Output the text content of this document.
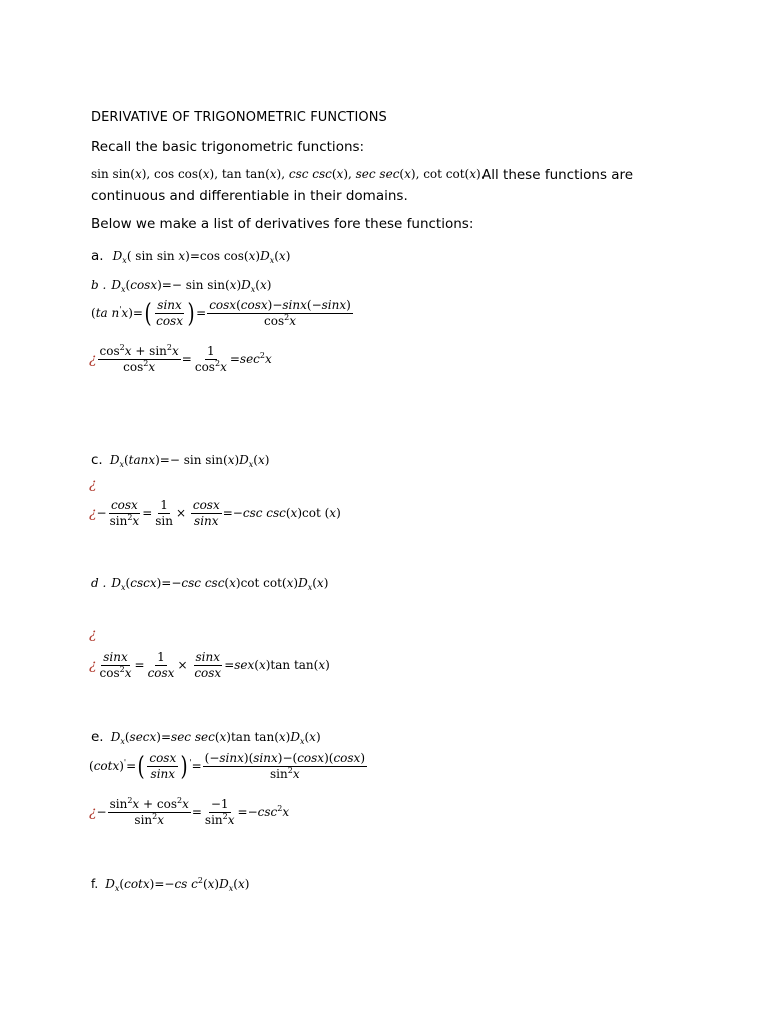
DERIVATIVE OF TRIGONOMETRIC FUNCTIONS
Recall the basic trigonometric functions:
sin sin(x), cos cos(x), tan tan(x), csc csc(x), sec sec(x), cot cot(x).
All these functions are
continuous and differentiable in their domains.
Below we make a list of derivatives fore these functions:
a. $D_x$( sin sin x)=cos $\cos(x)D_x(x)$
b . $D_x(\cos x)=- \sin \sin(x)D_x(x)$
(ta $n'x)=( \frac{\sin x}{\cos x}$ ) = $\frac{\cos x(\cos x)-\sin x(-\sin x)}{\cos^2x}$
¿ $\frac{\cos^2x + \sin^2x}{\cos^2x} = \frac{1}{\cos^2x} =\sec^2x$
c. $D_x(\tan x)=- \sin \sin(x)D_x(x)$
¿
¿− $\frac{\cos x}{\sin^2x} = \frac{1}{\sin} \times \frac{\cos x}{\sin x} =-\csc$ csc(x)cot (x)
d . $D_x(\csc x)=-\csc$ csc(x)cot $\cot(x)D_x(x)$
¿
¿ $\frac{\sin x}{\cos^2x} = \frac{1}{\cos x} \times \frac{\sin x}{\cos x} =sex(x)\tan$ tan(x)
e. $D_x(\sec x)=\sec$ sec(x)tan $\tan(x)D_x(x)$
$(\cot x)'=( \frac{\cos x}{\sin x}$ ) $'= \frac{(-\sin x)(\sin x)-(\cos x)(\cos x)}{\sin^2x}$
¿− $\frac{\sin^2x + \cos^2x}{\sin^2x} = \frac{-1}{\sin^2x} =-\csc^2x$
f. $D_x(\cot x)=-cs$ $c^2(x)D_x(x)$
